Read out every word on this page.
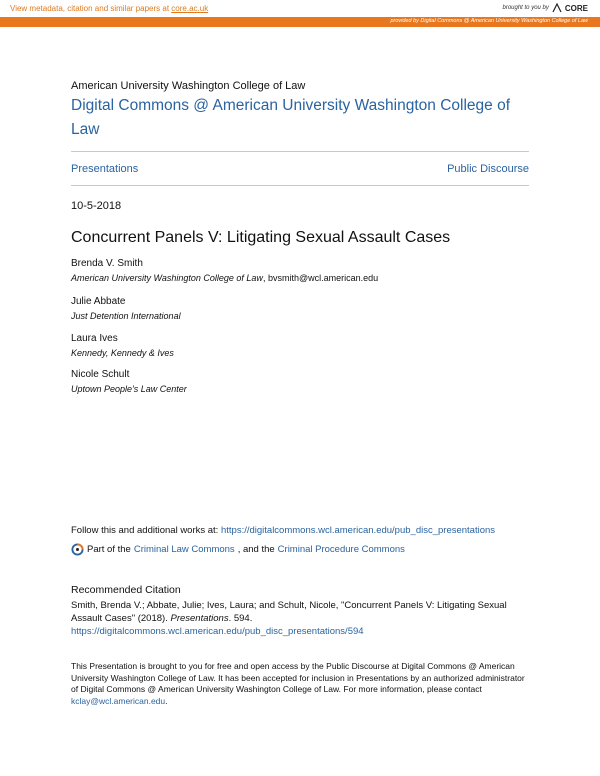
View metadata, citation and similar papers at core.ac.uk	brought to you by CORE
provided by Digital Commons @ American University Washington College of Law
American University Washington College of Law
Digital Commons @ American University Washington College of Law
Presentations	Public Discourse
10-5-2018
Concurrent Panels V: Litigating Sexual Assault Cases
Brenda V. Smith
American University Washington College of Law, bvsmith@wcl.american.edu
Julie Abbate
Just Detention International
Laura Ives
Kennedy, Kennedy & Ives
Nicole Schult
Uptown People's Law Center
Follow this and additional works at: https://digitalcommons.wcl.american.edu/pub_disc_presentations
Part of the Criminal Law Commons , and the Criminal Procedure Commons
Recommended Citation
Smith, Brenda V.; Abbate, Julie; Ives, Laura; and Schult, Nicole, "Concurrent Panels V: Litigating Sexual Assault Cases" (2018). Presentations. 594.
https://digitalcommons.wcl.american.edu/pub_disc_presentations/594
This Presentation is brought to you for free and open access by the Public Discourse at Digital Commons @ American University Washington College of Law. It has been accepted for inclusion in Presentations by an authorized administrator of Digital Commons @ American University Washington College of Law. For more information, please contact kclay@wcl.american.edu.
